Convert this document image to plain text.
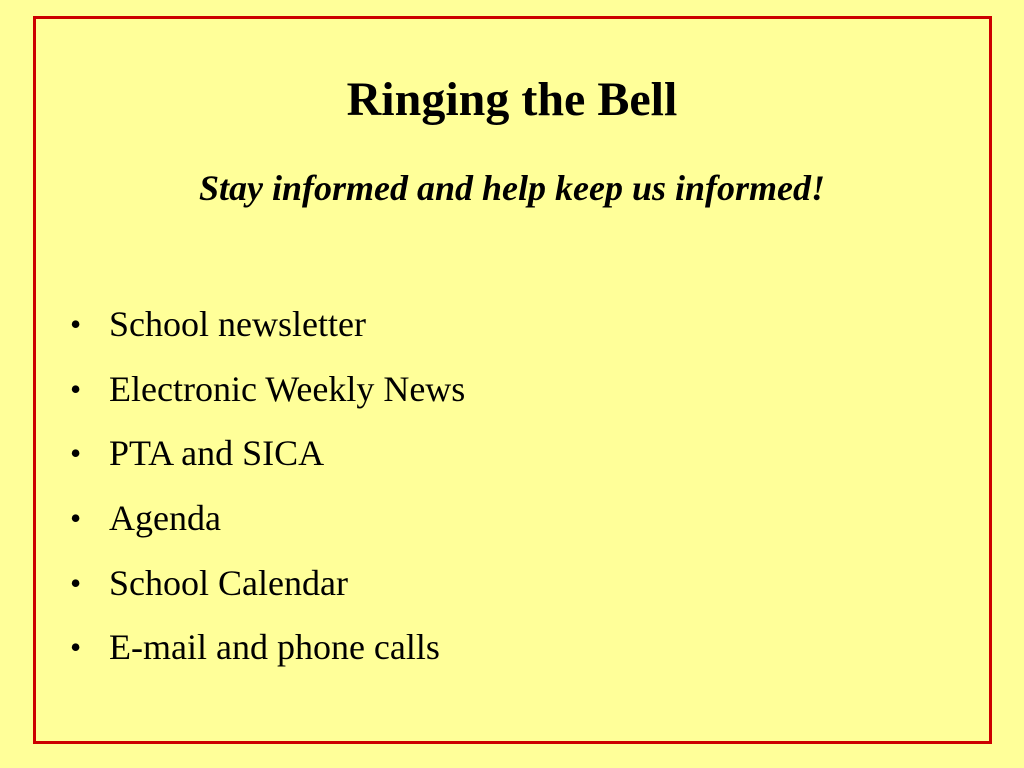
Ringing the Bell

Stay informed and help keep us informed!

• School newsletter
• Electronic Weekly News
• PTA and SICA
• Agenda
• School Calendar
• E-mail and phone calls
